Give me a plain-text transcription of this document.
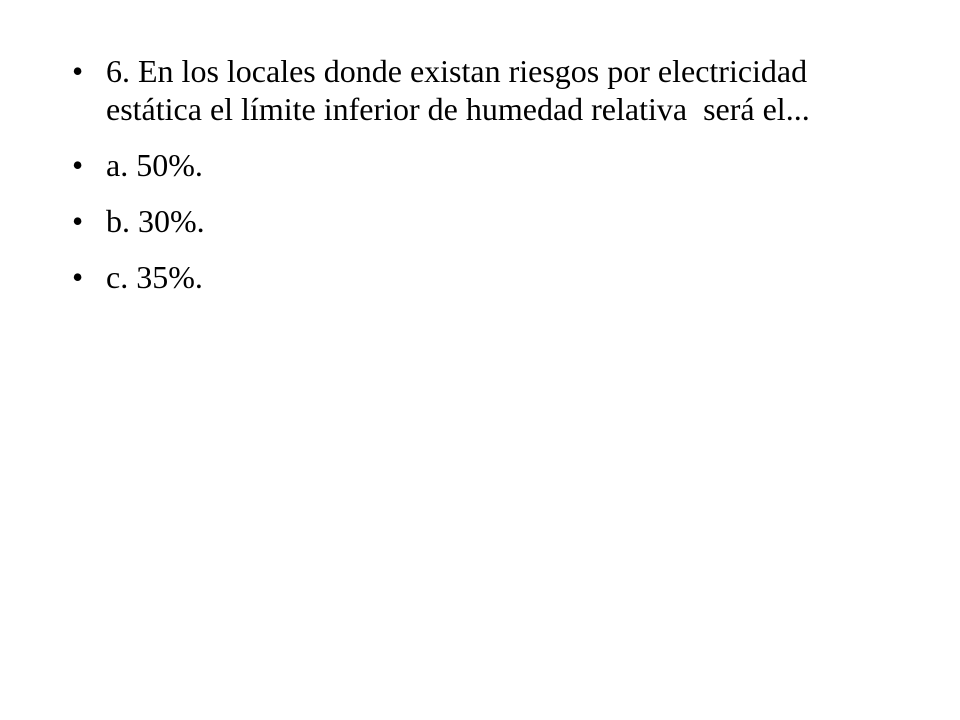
• 6. En los locales donde existan riesgos por electricidad estática el límite inferior de humedad relativa  será el...
• a. 50%.
• b. 30%.
• c. 35%.
